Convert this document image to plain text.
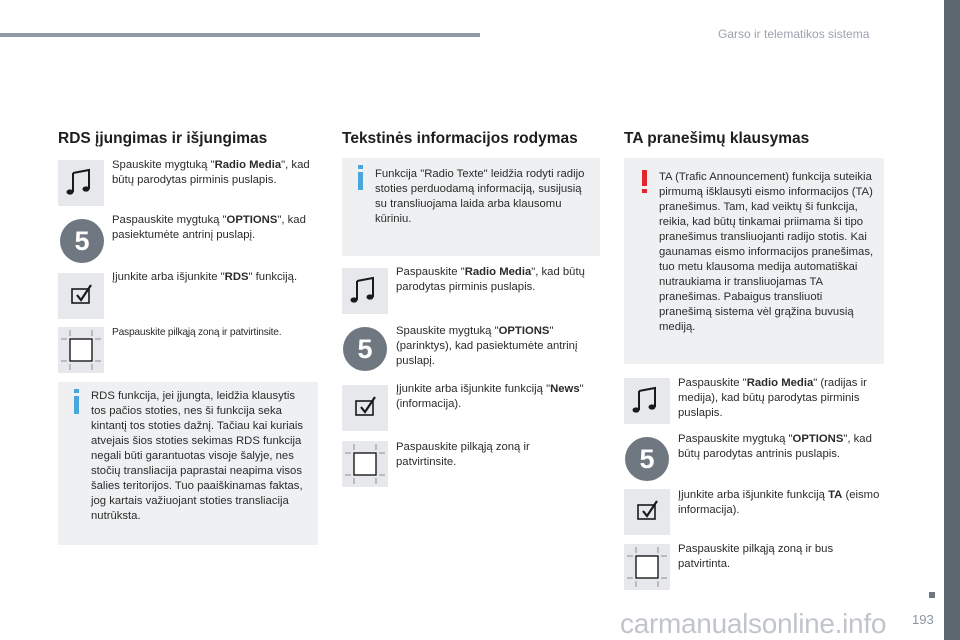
Garso ir telematikos sistema
carmanualsonline.info 193
RDS įjungimas ir išjungimas
Spauskite mygtuką "Radio Media", kad būtų parodytas pirminis puslapis.
5
Paspauskite mygtuką "OPTIONS", kad pasiektumėte antrinį puslapį.
Įjunkite arba išjunkite "RDS" funkciją.
Paspauskite pilkąją zoną ir patvirtinsite.
RDS funkcija, jei įjungta, leidžia klausytis tos pačios stoties, nes ši funkcija seka kintantį tos stoties dažnį. Tačiau kai kuriais atvejais šios stoties sekimas RDS funkcija negali būti garantuotas visoje šalyje, nes stočių transliacija paprastai neapima visos šalies teritorijos. Tuo paaiškinamas faktas, jog kartais važiuojant stoties transliacija nutrūksta.
Tekstinės informacijos rodymas
Funkcija "Radio Texte" leidžia rodyti radijo stoties perduodamą informaciją, susijusią su transliuojama laida arba klausomu kūriniu.
Paspauskite "Radio Media", kad būtų parodytas pirminis puslapis.
5
Spauskite mygtuką "OPTIONS" (parinktys), kad pasiektumėte antrinį puslapį.
Įjunkite arba išjunkite funkciją "News" (informacija).
Paspauskite pilkąją zoną ir patvirtinsite.
TA pranešimų klausymas
TA (Trafic Announcement) funkcija suteikia pirmumą išklausyti eismo informacijos (TA) pranešimus. Tam, kad veiktų ši funkcija, reikia, kad būtų tinkamai priimama ši tipo pranešimus transliuojanti radijo stotis. Kai gaunamas eismo informacijos pranešimas, tuo metu klausoma medija automatiškai nutraukiama ir transliuojamas TA pranešimas. Pabaigus transliuoti pranešimą sistema vėl grąžina buvusią mediją.
Paspauskite "Radio Media" (radijas ir medija), kad būtų parodytas pirminis puslapis.
5
Paspauskite mygtuką "OPTIONS", kad būtų parodytas antrinis puslapis.
Įjunkite arba išjunkite funkciją TA (eismo informacija).
Paspauskite pilkąją zoną ir bus patvirtinta.
